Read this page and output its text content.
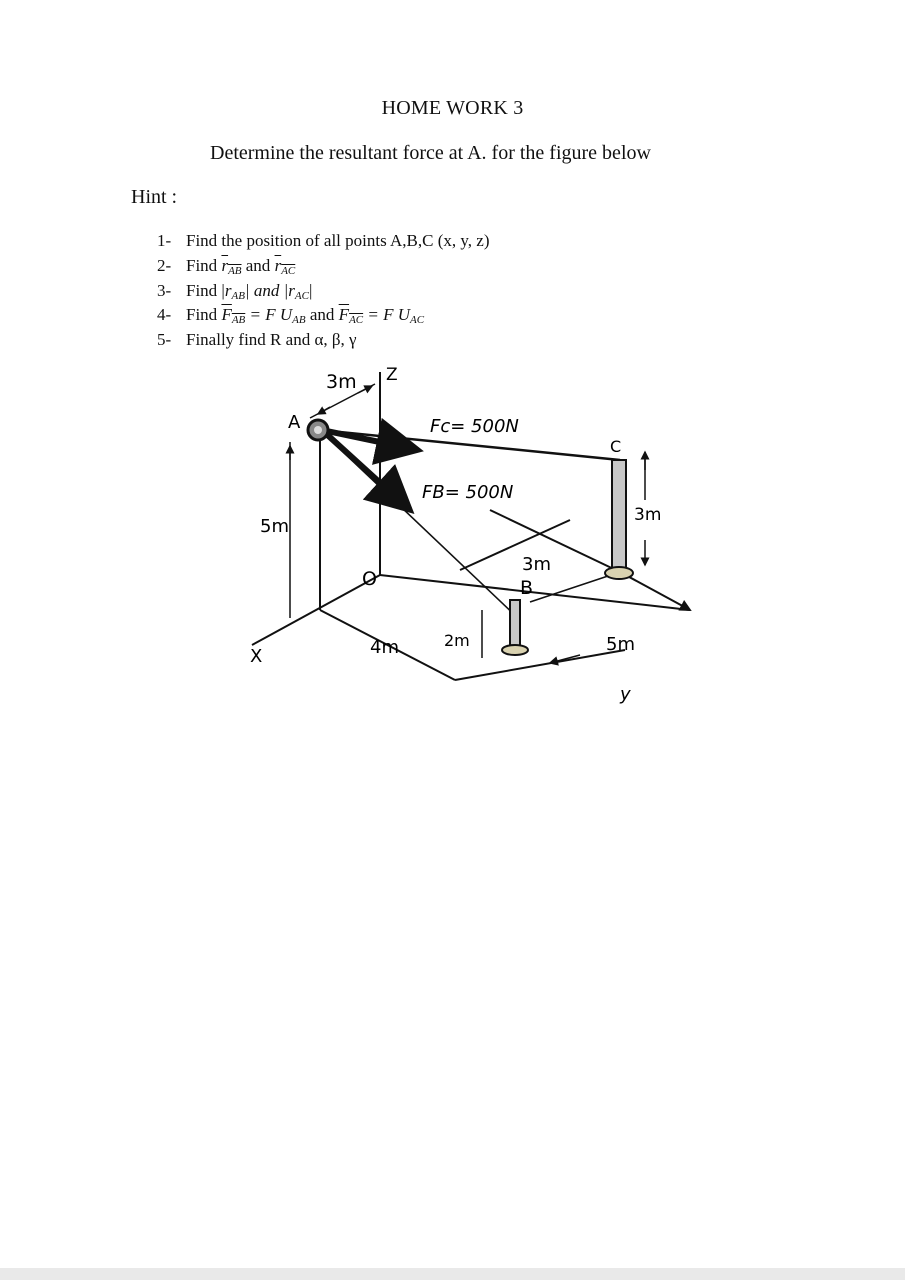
HOME WORK 3
Determine the resultant force at A. for the figure below
Hint :
1- Find the position of all points A,B,C (x, y, z)
2- Find $r_{AB}$ and $r_{AC}$
3- Find | $r_{AB}$ | and | $r_{AC}$ |
4- Find $F_{AB} = F$ $U_{AB}$ and $F_{AC} = F$ $U_{AC}$
5- Finally find R and α, β, γ
Z
3m
A
5m
X
O
4m	2m
Fc= 500N
FB= 500N
C
3m
3m
B
5m
y
